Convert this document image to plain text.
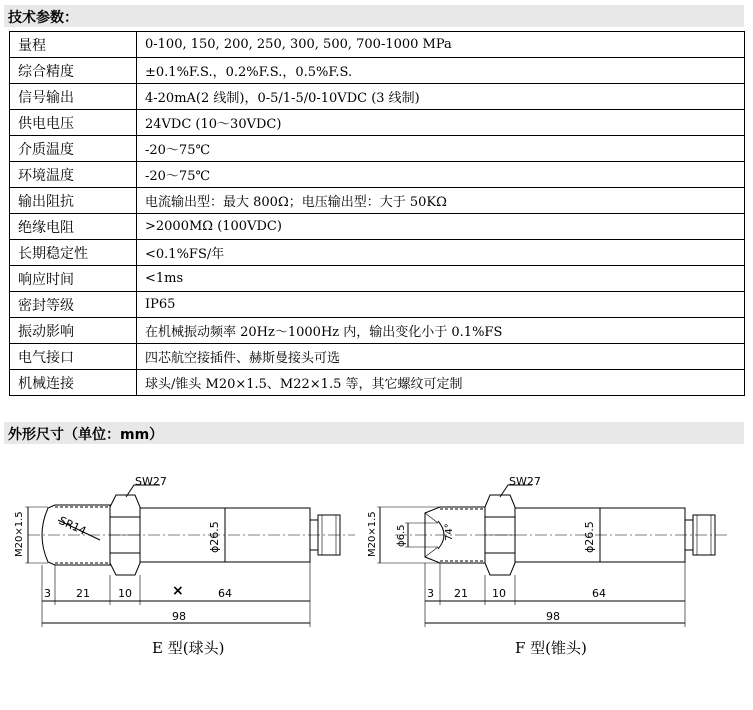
技术参数：
量程	0-100, 150, 200, 250, 300, 500, 700-1000 MPa
综合精度	±0.1%F.S.，0.2%F.S.，0.5%F.S.
信号输出	4-20mA(2 线制)，0-5/1-5/0-10VDC (3 线制)
供电电压	24VDC (10～30VDC)
介质温度	-20～75℃
环境温度	-20～75℃
输出阻抗	电流输出型：最大 800Ω；电压输出型：大于 50KΩ
绝缘电阻	>2000MΩ (100VDC)
长期稳定性	<0.1%FS/年
响应时间	<1ms
密封等级	IP65
振动影响	在机械振动频率 20Hz～1000Hz 内，输出变化小于 0.1%FS
电气接口	四芯航空接插件、赫斯曼接头可选
机械连接	球头/锥头 M20×1.5、M22×1.5 等，其它螺纹可定制
外形尺寸（单位：mm）
SW27
SR14
M20×1.5	ϕ26.5
3 21	10	64
98
×
E 型(球头)
SW27
M20×1.5 ϕ6.5	74°	ϕ26.5
3 21 10	64
98
F 型(锥头)
